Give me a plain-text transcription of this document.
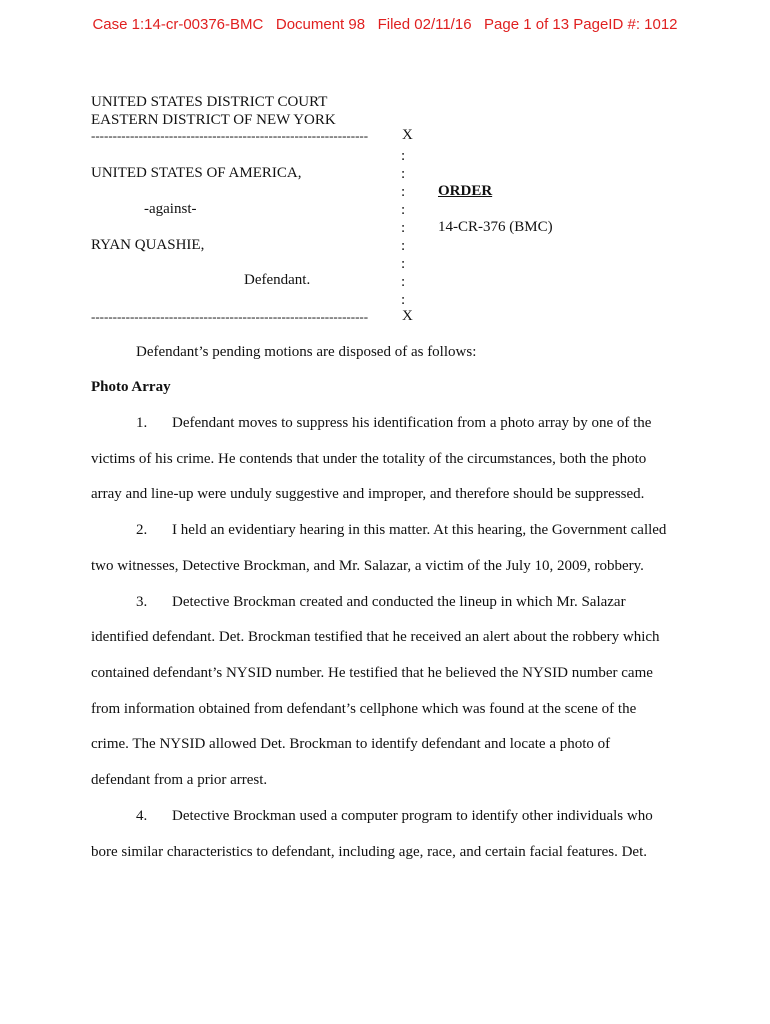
Case 1:14-cr-00376-BMC   Document 98   Filed 02/11/16   Page 1 of 13 PageID #: 1012
UNITED STATES DISTRICT COURT
EASTERN DISTRICT OF NEW YORK
----------------------------------------------------------------	X
:
:
:
:
:
:
:
:
:
UNITED STATES OF AMERICA,
-against-
RYAN QUASHIE,
Defendant.
ORDER
14-CR-376 (BMC)
----------------------------------------------------------------	X
Defendant’s pending motions are disposed of as follows:
Photo Array
1. Defendant moves to suppress his identification from a photo array by one of the
victims of his crime. He contends that under the totality of the circumstances, both the photo
array and line-up were unduly suggestive and improper, and therefore should be suppressed.
2. I held an evidentiary hearing in this matter. At this hearing, the Government called
two witnesses, Detective Brockman, and Mr. Salazar, a victim of the July 10, 2009, robbery.
3. Detective Brockman created and conducted the lineup in which Mr. Salazar
identified defendant. Det. Brockman testified that he received an alert about the robbery which
contained defendant’s NYSID number. He testified that he believed the NYSID number came
from information obtained from defendant’s cellphone which was found at the scene of the
crime. The NYSID allowed Det. Brockman to identify defendant and locate a photo of
defendant from a prior arrest.
4. Detective Brockman used a computer program to identify other individuals who
bore similar characteristics to defendant, including age, race, and certain facial features. Det.
